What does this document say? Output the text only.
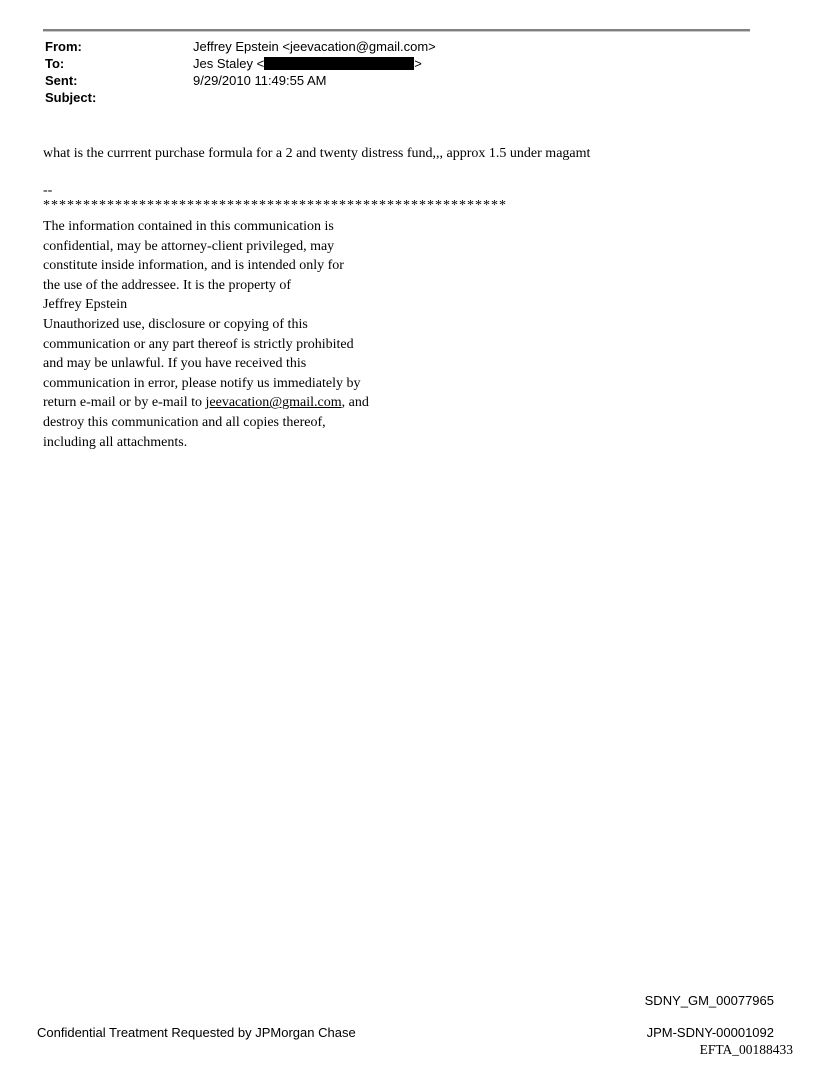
From:	Jeffrey Epstein <jeevacation@gmail.com>
To:	Jes Staley <	>
Sent:	9/29/2010 11:49:55 AM
Subject:

what is the currrent purchase formula for a 2 and twenty distress fund,,, approx 1.5 under magamt

--
**********************************************************
The information contained in this communication is
confidential, may be attorney-client privileged, may
constitute inside information, and is intended only for
the use of the addressee. It is the property of
Jeffrey Epstein
Unauthorized use, disclosure or copying of this
communication or any part thereof is strictly prohibited
and may be unlawful. If you have received this
communication in error, please notify us immediately by
return e-mail or by e-mail to jeevacation@gmail.com, and
destroy this communication and all copies thereof,
including all attachments.
Confidential Treatment Requested by JPMorgan Chase
SDNY_GM_00077965
JPM-SDNY-00001092
EFTA_00188433
